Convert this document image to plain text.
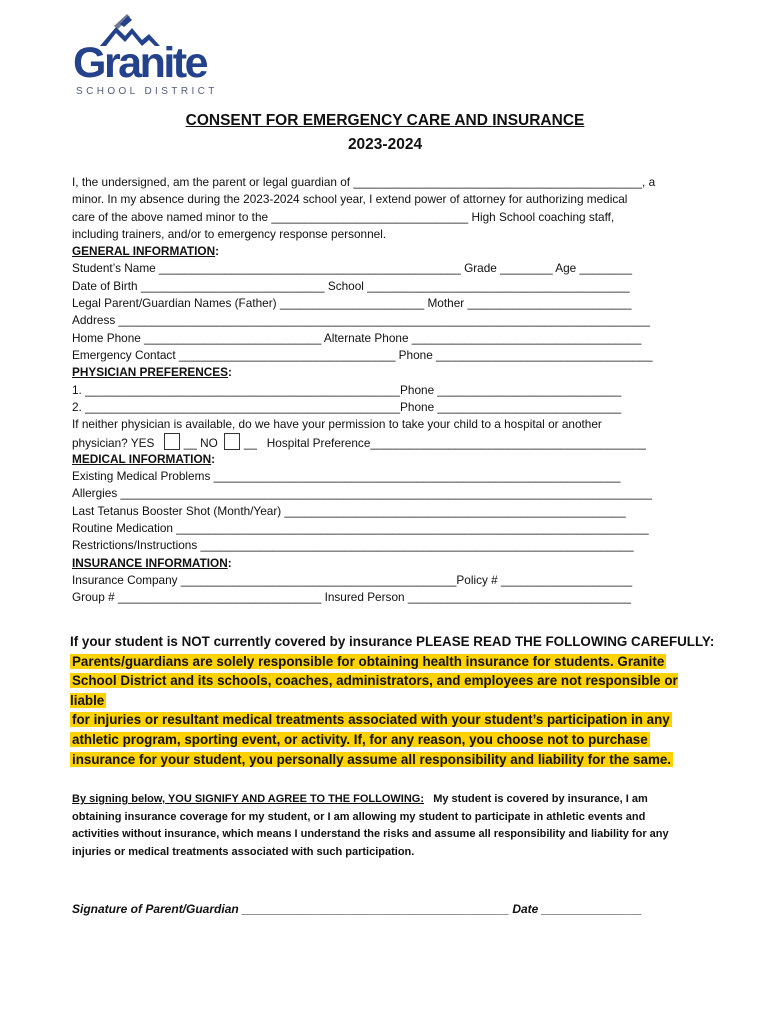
Granite
SCHOOL DISTRICT
CONSENT FOR EMERGENCY CARE AND INSURANCE
2023-2024
I, the undersigned, am the parent or legal guardian of ____________________________________________, a
minor. In my absence during the 2023-2024 school year, I extend power of attorney for authorizing medical
care of the above named minor to the ______________________________ High School coaching staff,
including trainers, and/or to emergency response personnel.
GENERAL INFORMATION:
Student’s Name ______________________________________________ Grade ________ Age ________
Date of Birth ____________________________ School ________________________________________
Legal Parent/Guardian Names (Father) ______________________ Mother _________________________
Address _________________________________________________________________________________
Home Phone ___________________________ Alternate Phone ___________________________________
Emergency Contact _________________________________ Phone _________________________________
PHYSICIAN PREFERENCES:
1. ________________________________________________Phone ____________________________
2. ________________________________________________Phone ____________________________
If neither physician is available, do we have your permission to take your child to a hospital or another
physician? YES __ NO __ Hospital Preference__________________________________________
MEDICAL INFORMATION:
Existing Medical Problems ______________________________________________________________
Allergies _________________________________________________________________________________
Last Tetanus Booster Shot (Month/Year) ____________________________________________________
Routine Medication ________________________________________________________________________
Restrictions/Instructions __________________________________________________________________
INSURANCE INFORMATION:
Insurance Company __________________________________________Policy # ____________________
Group # _______________________________ Insured Person __________________________________
If your student is NOT currently covered by insurance PLEASE READ THE FOLLOWING CAREFULLY:
Parents/guardians are solely responsible for obtaining health insurance for students. Granite
School District and its schools, coaches, administrators, and employees are not responsible or liable
for injuries or resultant medical treatments associated with your student’s participation in any
athletic program, sporting event, or activity. If, for any reason, you choose not to purchase
insurance for your student, you personally assume all responsibility and liability for the same.
By signing below, YOU SIGNIFY AND AGREE TO THE FOLLOWING: My student is covered by insurance, I am obtaining insurance coverage for my student, or I am allowing my student to participate in athletic events and activities without insurance, which means I understand the risks and assume all responsibility and liability for any injuries or medical treatments associated with such participation.
Signature of Parent/Guardian ________________________________________ Date _______________
